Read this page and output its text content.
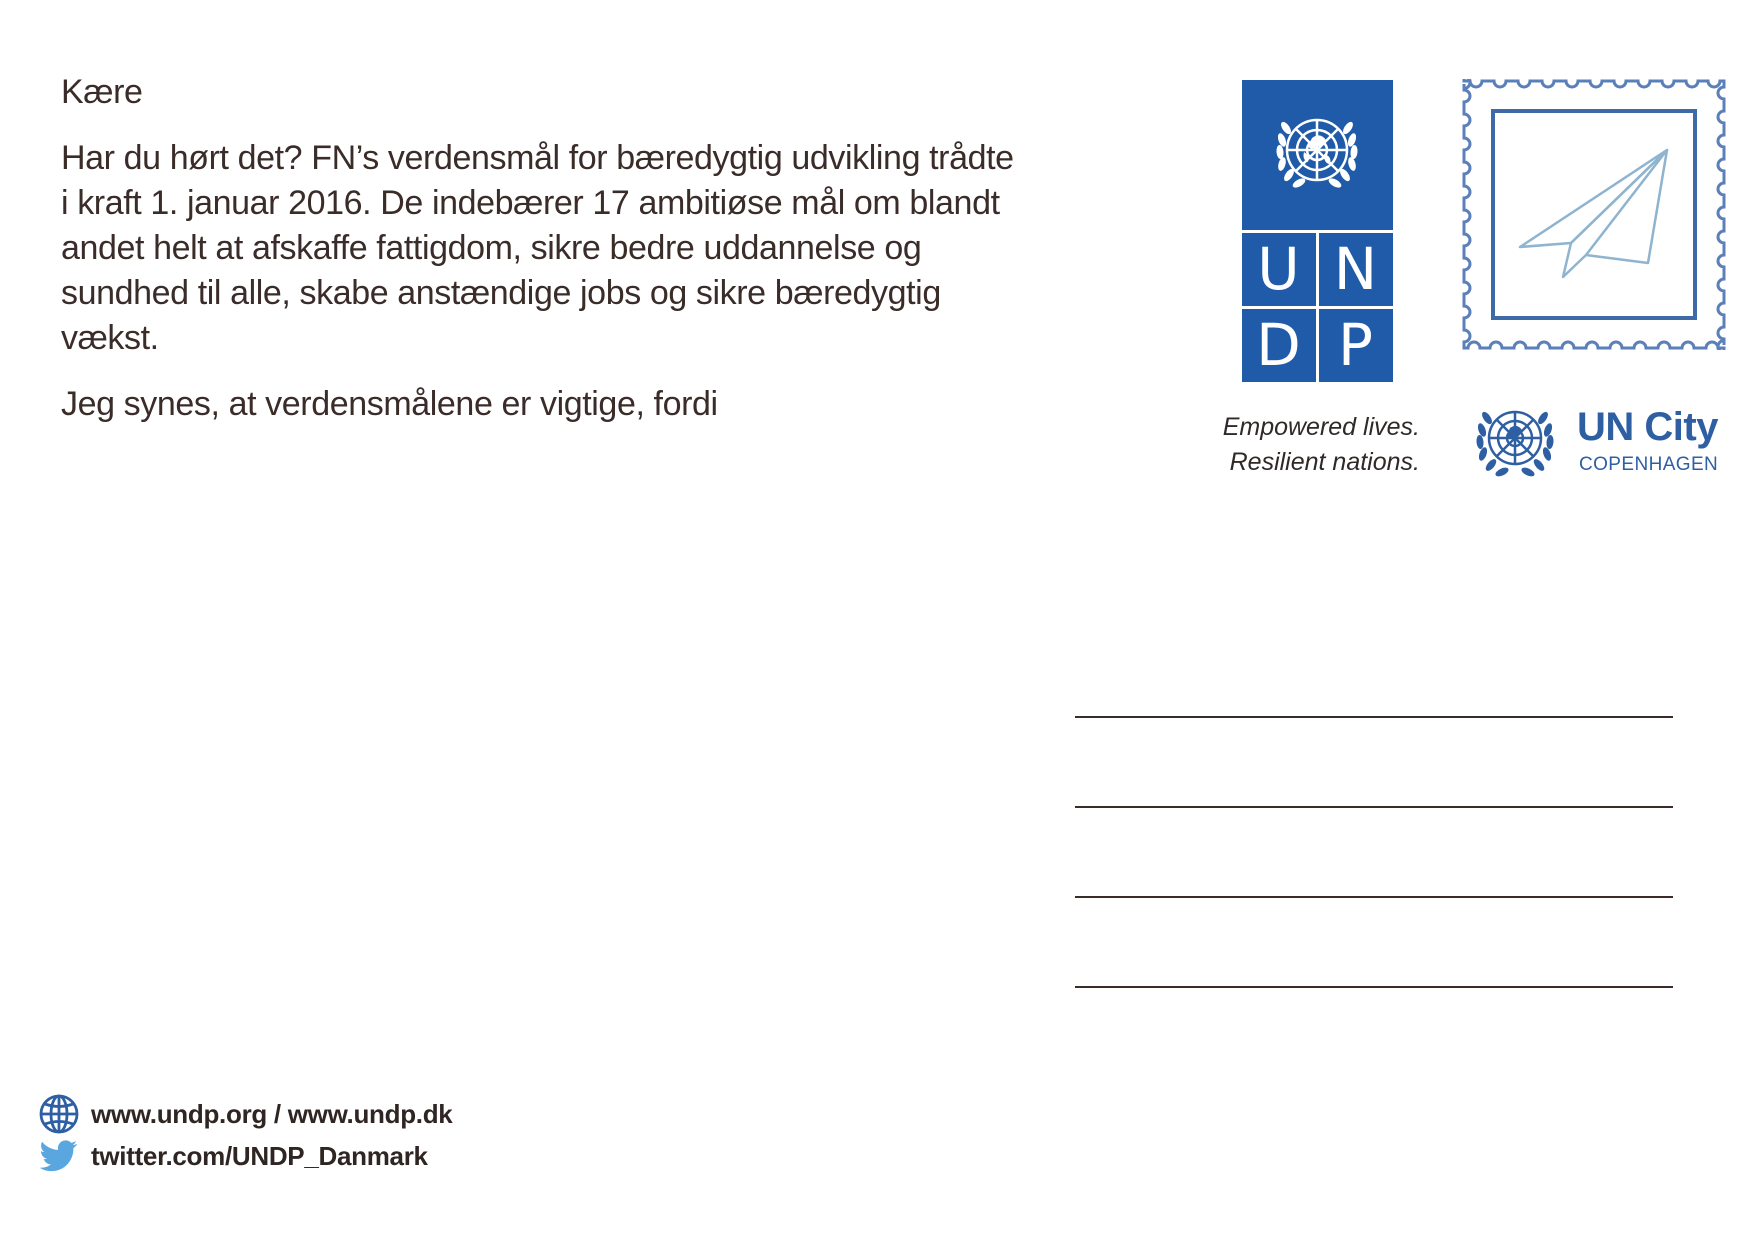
Kære

Har du hørt det? FN’s verdensmål for bæredygtig udvikling trådte i kraft 1. januar 2016. De indebærer 17 ambitiøse mål om blandt andet helt at afskaffe fattigdom, sikre bedre uddannelse og sundhed til alle, skabe anstændige jobs og sikre bæredygtig vækst.

Jeg synes, at verdensmålene er vigtige, fordi

U N
D P
Empowered lives.
Resilient nations.
UN City
COPENHAGEN
www.undp.org / www.undp.dk
twitter.com/UNDP_Danmark
